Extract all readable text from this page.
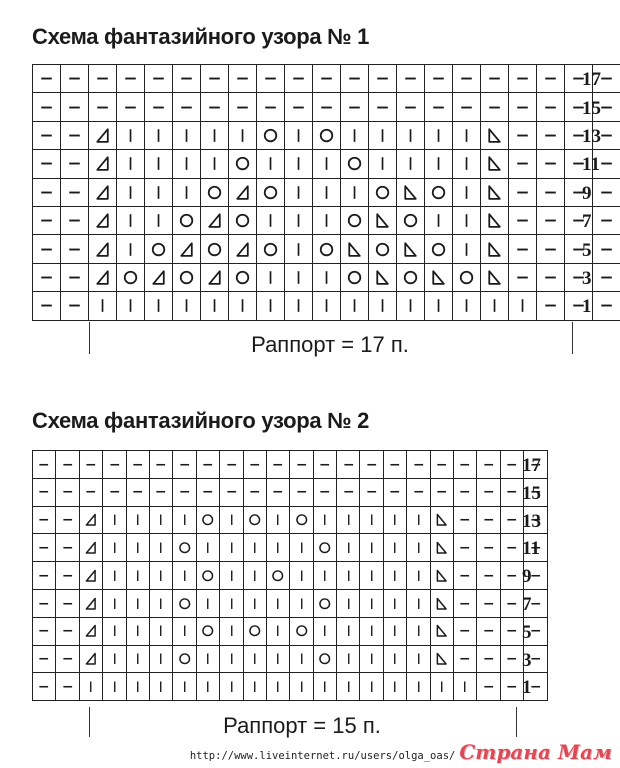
Схема фантазийного узора № 1
17
15
13
11
9
7
5
3
1
Раппорт = 17 п.
Схема фантазийного узора № 2
17
15
13
11
9
7
5
3
1
Раппорт = 15 п.
http://www.liveinternet.ru/users/olga_oas/ Страна Мам
